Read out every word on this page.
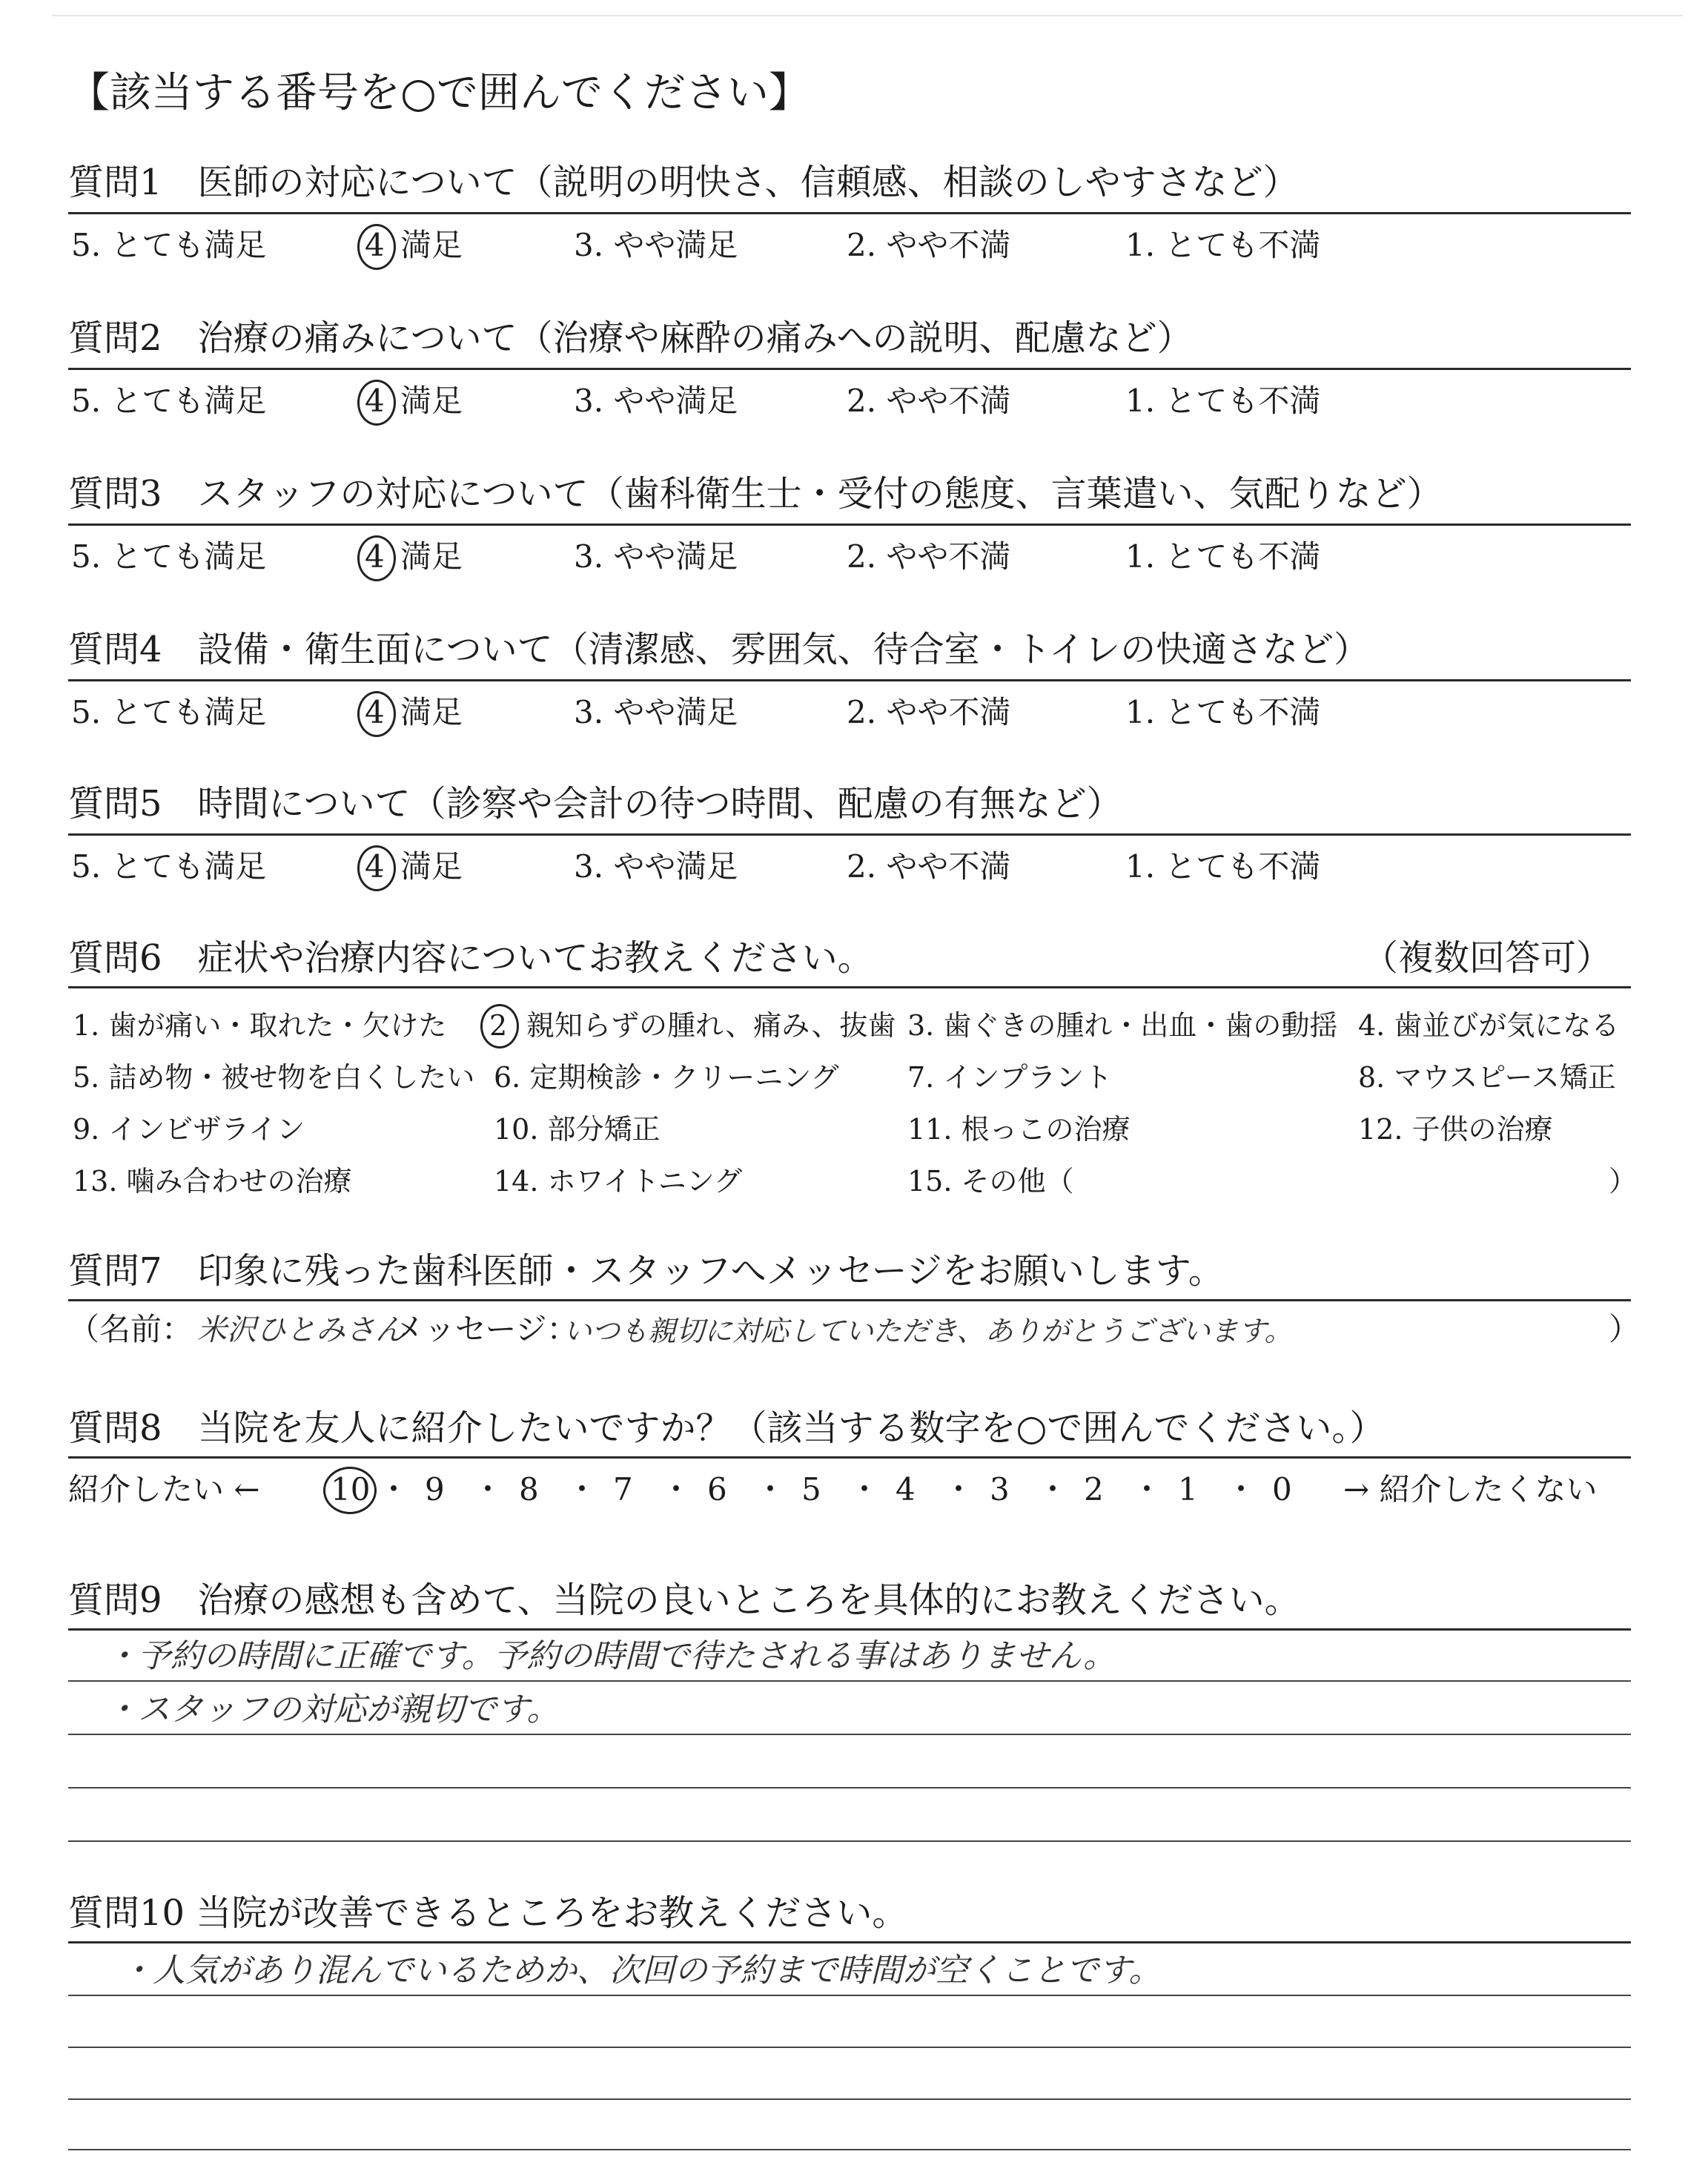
【該当する番号を○で囲んでください】
質問1　医師の対応について（説明の明快さ、信頼感、相談のしやすさなど）
5. とても満足	4 満足	3. やや満足	2. やや不満	1. とても不満
質問2　治療の痛みについて（治療や麻酔の痛みへの説明、配慮など）
5. とても満足	4 満足	3. やや満足	2. やや不満	1. とても不満
質問3　スタッフの対応について（歯科衛生士・受付の態度、言葉遣い、気配りなど）
5. とても満足	4 満足	3. やや満足	2. やや不満	1. とても不満
質問4　設備・衛生面について（清潔感、雰囲気、待合室・トイレの快適さなど）
5. とても満足	4 満足	3. やや満足	2. やや不満	1. とても不満
質問5　時間について（診察や会計の待つ時間、配慮の有無など）
5. とても満足	4 満足	3. やや満足	2. やや不満	1. とても不満
質問6　症状や治療内容についてお教えください。	（複数回答可）
1. 歯が痛い・取れた・欠けた 2 親知らずの腫れ、痛み、抜歯 3. 歯ぐきの腫れ・出血・歯の動揺 4. 歯並びが気になる
5. 詰め物・被せ物を白くしたい 6. 定期検診・クリーニング 7. インプラント	8. マウスピース矯正
9. インビザライン	10. 部分矯正	11. 根っこの治療	12. 子供の治療
13. 噛み合わせの治療	14. ホワイトニング	15. その他（	）
質問7　印象に残った歯科医師・スタッフへメッセージをお願いします。
（名前： 米沢ひとみさん
メッセージ：
いつも親切に対応していただき、ありがとうございます。	）
質問8　当院を友人に紹介したいですか？（該当する数字を○で囲んでください。）
紹介したい ← 10 ・ 9 ・ 8 ・ 7 ・ 6 ・ 5 ・ 4 ・ 3 ・ 2 ・ 1 ・ 0 → 紹介したくない
質問9　治療の感想も含めて、当院の良いところを具体的にお教えください。
・予約の時間に正確です。予約の時間で待たされる事はありません。
・スタッフの対応が親切です。
質問10 当院が改善できるところをお教えください。
・人気があり混んでいるためか、次回の予約まで時間が空くことです。
